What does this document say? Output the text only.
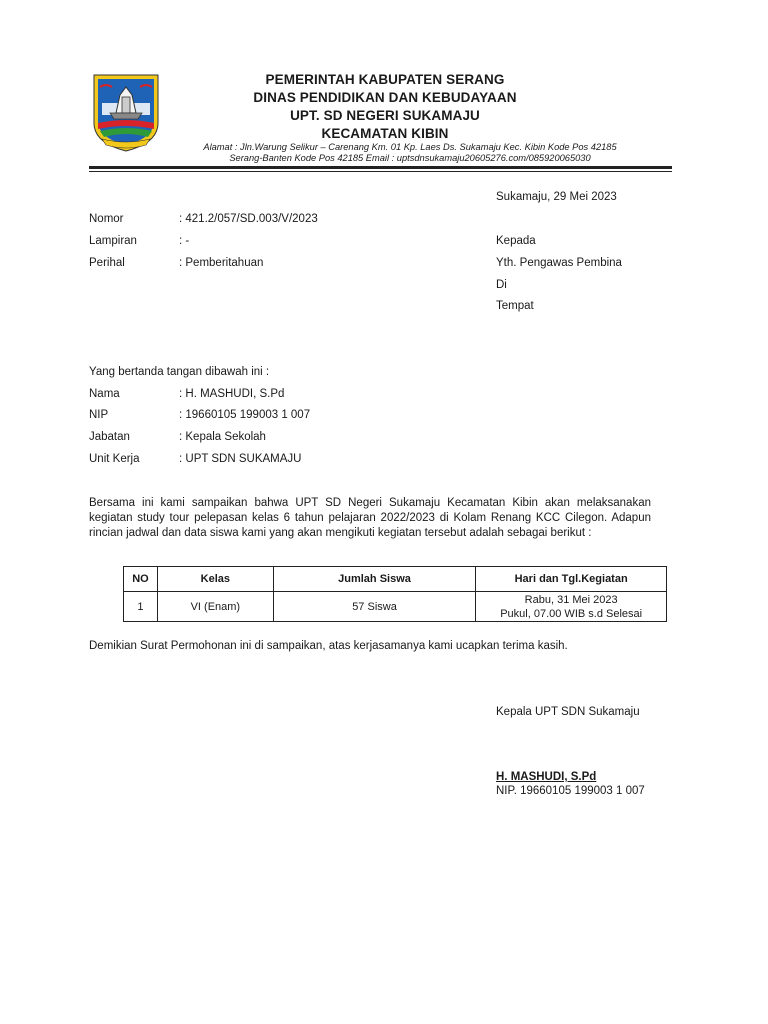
PEMERINTAH KABUPATEN SERANG
DINAS PENDIDIKAN DAN KEBUDAYAAN
UPT. SD NEGERI SUKAMAJU
KECAMATAN KIBIN
Alamat : Jln.Warung Selikur – Carenang Km. 01 Kp. Laes Ds. Sukamaju Kec. Kibin Kode Pos 42185
Serang-Banten Kode Pos 42185 Email : uptsdnsukamaju20605276.com/085920065030
Sukamaju, 29 Mei 2023
Nomor	: 421.2/057/SD.003/V/2023
Lampiran	: -
Perihal	: Pemberitahuan
Kepada
Yth. Pengawas Pembina
Di
Tempat
Yang bertanda tangan dibawah ini :
Nama	: H. MASHUDI, S.Pd
NIP	: 19660105 199003 1 007
Jabatan	: Kepala Sekolah
Unit Kerja	: UPT SDN SUKAMAJU
Bersama ini kami sampaikan bahwa UPT SD Negeri Sukamaju Kecamatan Kibin akan melaksanakan kegiatan study tour pelepasan kelas 6 tahun pelajaran 2022/2023 di Kolam Renang KCC Cilegon. Adapun rincian jadwal dan data siswa kami yang akan mengikuti kegiatan tersebut adalah sebagai berikut :
NO	Kelas	Jumlah Siswa	Hari dan Tgl.Kegiatan
1	VI (Enam)	57 Siswa	Rabu, 31 Mei 2023
Pukul, 07.00 WIB s.d Selesai
Demikian Surat Permohonan ini di sampaikan, atas kerjasamanya kami ucapkan terima kasih.
Kepala UPT SDN Sukamaju
H. MASHUDI, S.Pd
NIP. 19660105 199003 1 007
